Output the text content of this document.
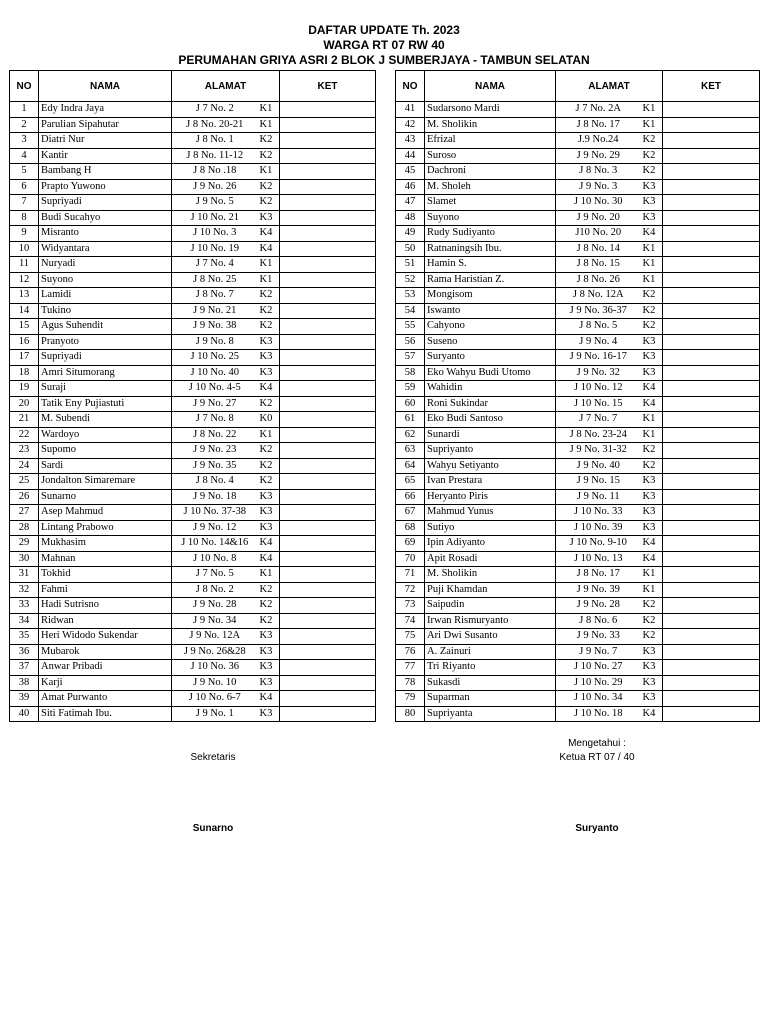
DAFTAR UPDATE Th. 2023
WARGA RT 07 RW 40
PERUMAHAN GRIYA ASRI 2 BLOK J SUMBERJAYA - TAMBUN SELATAN
NO	NAMA	ALAMAT		KET
1	Edy Indra Jaya	J 7 No. 2	K1	
2	Parulian Sipahutar	J 8 No. 20-21	K1	
3	Diatri Nur	J 8 No. 1	K2	
4	Kantir	J 8 No. 11-12	K2	
5	Bambang H	J 8 No .18	K1	
6	Prapto Yuwono	J 9 No. 26	K2	
7	Supriyadi	J 9 No. 5	K2	
8	Budi Sucahyo	J 10 No. 21	K3	
9	Misranto	J 10 No. 3	K4	
10	Widyantara	J 10 No. 19	K4	
11	Nuryadi	J 7 No. 4	K1	
12	Suyono	J 8 No. 25	K1	
13	Lamidi	J 8 No. 7	K2	
14	Tukino	J 9 No. 21	K2	
15	Agus Suhendit	J 9 No. 38	K2	
16	Pranyoto	J 9 No. 8	K3	
17	Supriyadi	J 10 No. 25	K3	
18	Amri Situmorang	J 10 No. 40	K3	
19	Suraji	J 10 No. 4-5	K4	
20	Tatik Eny Pujiastuti	J 9 No. 27	K2	
21	M. Subendi	J 7 No. 8	K0	
22	Wardoyo	J 8 No. 22	K1	
23	Supomo	J 9 No. 23	K2	
24	Sardi	J 9 No. 35	K2	
25	Jondalton Simaremare	J 8 No. 4	K2	
26	Sunarno	J 9 No. 18	K3	
27	Asep Mahmud	J 10 No. 37-38	K3	
28	Lintang Prabowo	J 9 No. 12	K3	
29	Mukhasim	J 10 No. 14&16	K4	
30	Mahnan	J 10 No. 8	K4	
31	Tokhid	J 7 No. 5	K1	
32	Fahmi	J 8 No. 2	K2	
33	Hadi Sutrisno	J 9 No. 28	K2	
34	Ridwan	J 9 No. 34	K2	
35	Heri Widodo Sukendar	J 9 No. 12A	K3	
36	Mubarok	J 9 No. 26&28	K3	
37	Anwar Pribadi	J 10 No. 36	K3	
38	Karji	J 9 No. 10	K3	
39	Amat Purwanto	J 10 No. 6-7	K4	
40	Siti Fatimah Ibu.	J 9 No. 1	K3	
NO	NAMA	ALAMAT		KET
41	Sudarsono Mardi	J 7 No. 2A	K1	
42	M. Sholikin	J 8 No. 17	K1	
43	Efrizal	J.9 No.24	K2	
44	Suroso	J 9 No. 29	K2	
45	Dachroni	J 8 No. 3	K2	
46	M. Sholeh	J 9 No. 3	K3	
47	Slamet	J 10 No. 30	K3	
48	Suyono	J 9 No. 20	K3	
49	Rudy Sudiyanto	J10 No. 20	K4	
50	Ratnaningsih Ibu.	J 8 No. 14	K1	
51	Hamin S.	J 8 No. 15	K1	
52	Rama Haristian Z.	J 8 No. 26	K1	
53	Mongisom	J 8 No. 12A	K2	
54	Iswanto	J 9 No. 36-37	K2	
55	Cahyono	J 8 No. 5	K2	
56	Suseno	J 9 No. 4	K3	
57	Suryanto	J 9 No. 16-17	K3	
58	Eko Wahyu Budi Utomo	J 9 No. 32	K3	
59	Wahidin	J 10 No. 12	K4	
60	Roni Sukindar	J 10 No. 15	K4	
61	Eko Budi Santoso	J 7 No. 7	K1	
62	Sunardi	J 8 No. 23-24	K1	
63	Supriyanto	J 9 No. 31-32	K2	
64	Wahyu Setiyanto	J 9 No. 40	K2	
65	Ivan Prestara	J 9 No. 15	K3	
66	Heryanto Piris	J 9 No. 11	K3	
67	Mahmud Yunus	J 10 No. 33	K3	
68	Sutiyo	J 10 No. 39	K3	
69	Ipin Adiyanto	J 10 No. 9-10	K4	
70	Apit Rosadi	J 10 No. 13	K4	
71	M. Sholikin	J 8 No. 17	K1	
72	Puji Khamdan	J 9 No. 39	K1	
73	Saipudin	J 9 No. 28	K2	
74	Irwan Rismuryanto	J 8 No. 6	K2	
75	Ari Dwi Susanto	J 9 No. 33	K2	
76	A. Zainuri	J 9 No. 7	K3	
77	Tri Riyanto	J 10 No. 27	K3	
78	Sukasdi	J 10 No. 29	K3	
79	Suparman	J 10 No. 34	K3	
80	Supriyanta	J 10 No. 18	K4	
Sekretaris
Sunarno
Mengetahui :
Ketua RT 07 / 40
Suryanto
